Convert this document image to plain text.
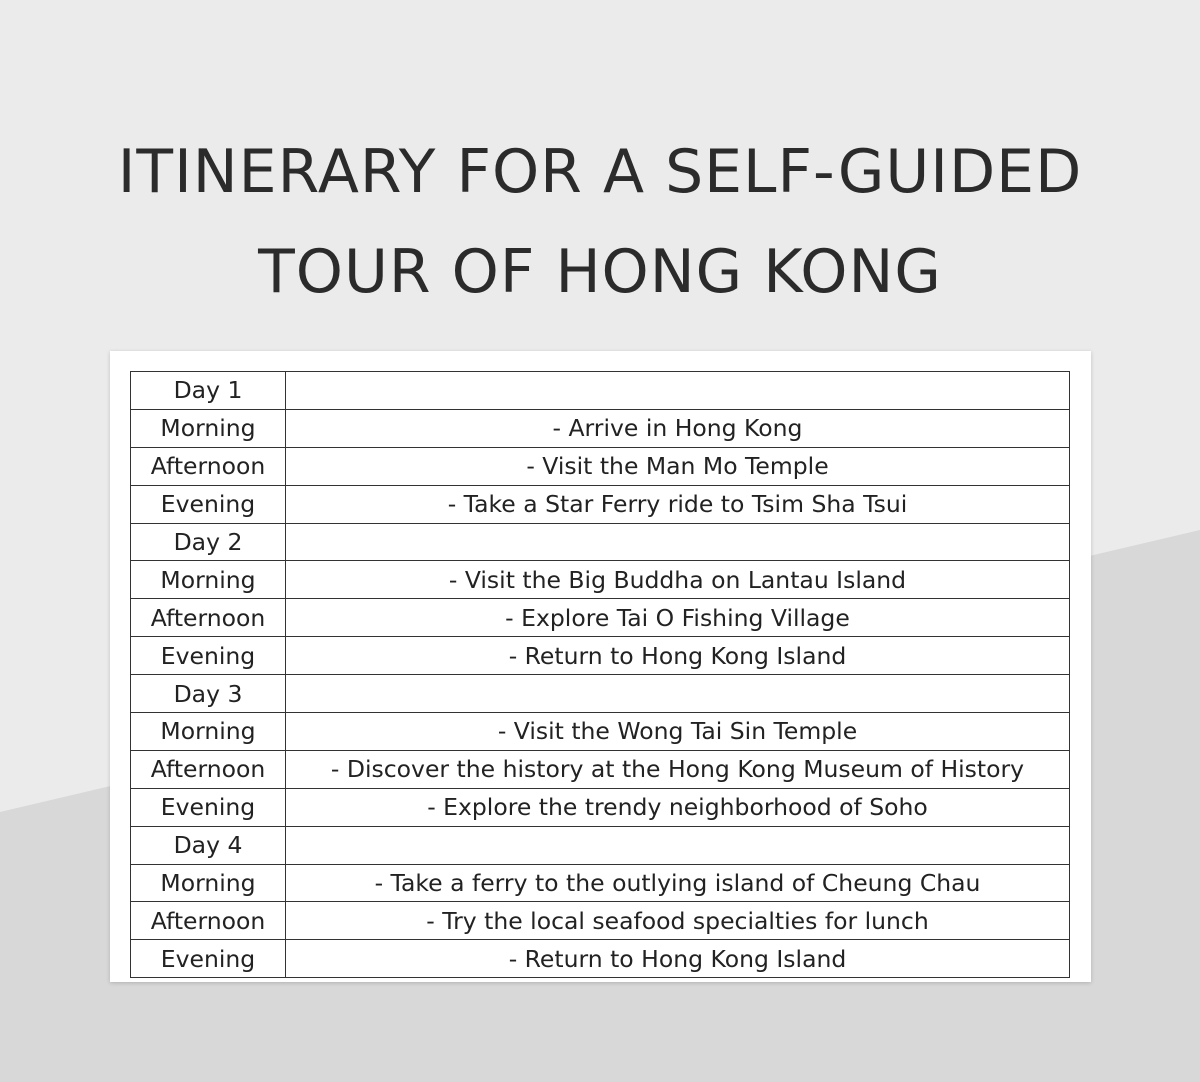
ITINERARY FOR A SELF-GUIDED
TOUR OF HONG KONG
Day 1	
Morning	- Arrive in Hong Kong
Afternoon	- Visit the Man Mo Temple
Evening	- Take a Star Ferry ride to Tsim Sha Tsui
Day 2	
Morning	- Visit the Big Buddha on Lantau Island
Afternoon	- Explore Tai O Fishing Village
Evening	- Return to Hong Kong Island
Day 3	
Morning	- Visit the Wong Tai Sin Temple
Afternoon	- Discover the history at the Hong Kong Museum of History
Evening	- Explore the trendy neighborhood of Soho
Day 4	
Morning	- Take a ferry to the outlying island of Cheung Chau
Afternoon	- Try the local seafood specialties for lunch
Evening	- Return to Hong Kong Island
